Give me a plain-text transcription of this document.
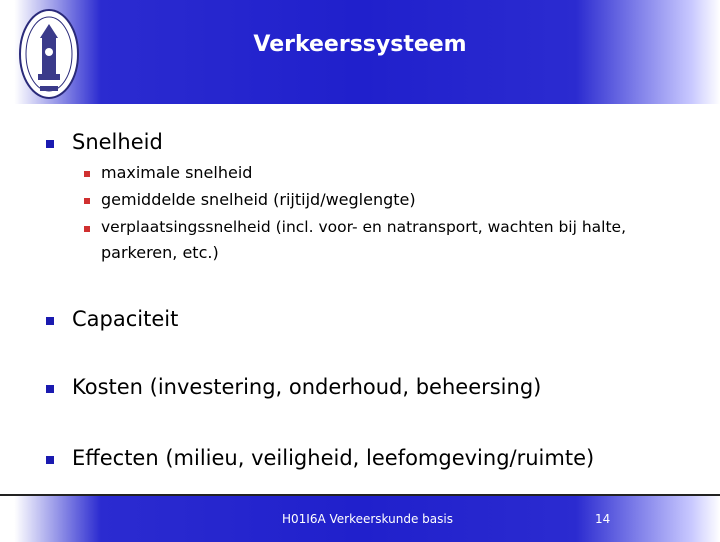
Verkeerssysteem
Snelheid
maximale snelheid
gemiddelde snelheid (rijtijd/weglengte)
verplaatsingssnelheid (incl. voor- en natransport, wachten bij halte,
parkeren, etc.)
Capaciteit
Kosten (investering, onderhoud, beheersing)
Effecten (milieu, veiligheid, leefomgeving/ruimte)
H01I6A Verkeerskunde basis	14
